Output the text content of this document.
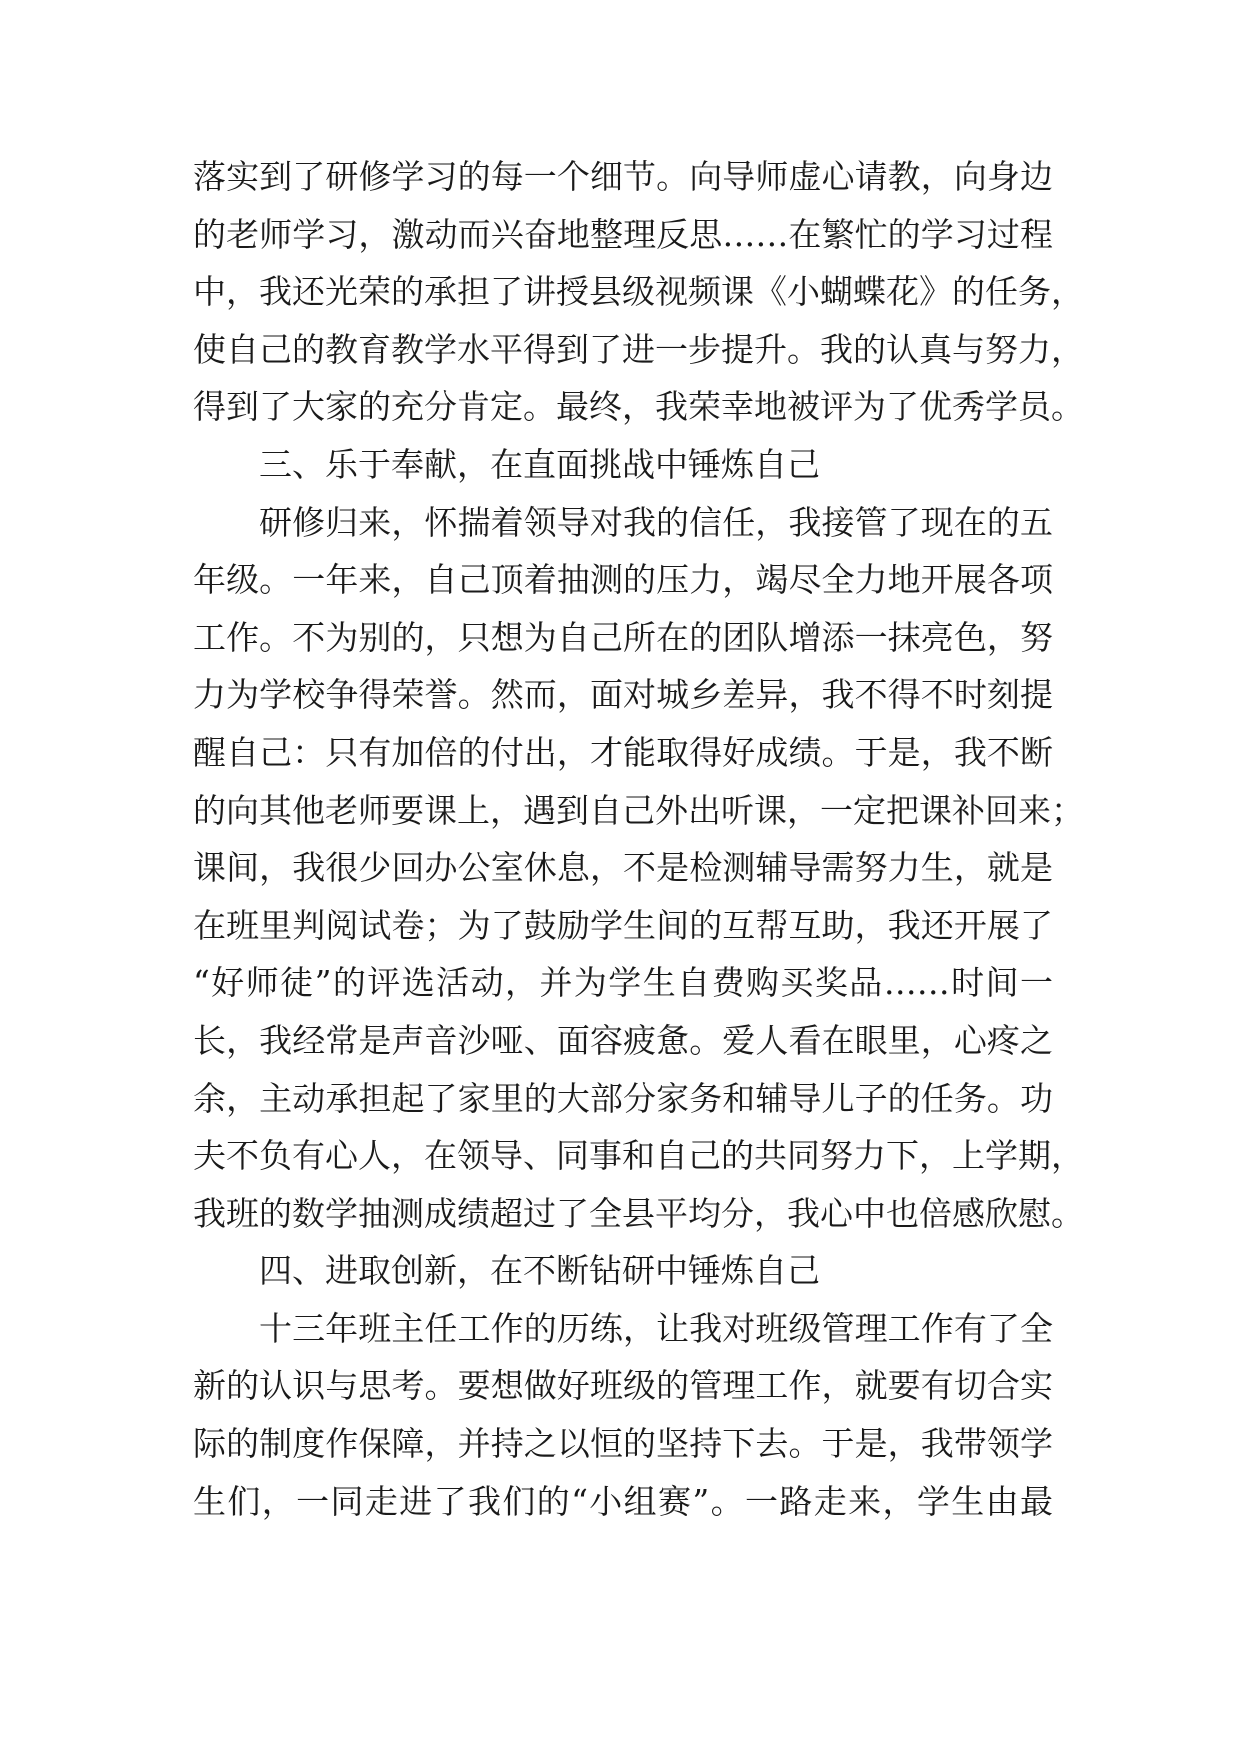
落实到了研修学习的每一个细节。向导师虚心请教，向身边
的老师学习，激动而兴奋地整理反思……在繁忙的学习过程
中，我还光荣的承担了讲授县级视频课《小蝴蝶花》的任务，
使自己的教育教学水平得到了进一步提升。我的认真与努力，
得到了大家的充分肯定。最终，我荣幸地被评为了优秀学员。
三、乐于奉献，在直面挑战中锤炼自己
研修归来，怀揣着领导对我的信任，我接管了现在的五
年级。一年来，自己顶着抽测的压力，竭尽全力地开展各项
工作。不为别的，只想为自己所在的团队增添一抹亮色，努
力为学校争得荣誉。然而，面对城乡差异，我不得不时刻提
醒自己：只有加倍的付出，才能取得好成绩。于是，我不断
的向其他老师要课上，遇到自己外出听课，一定把课补回来；
课间，我很少回办公室休息，不是检测辅导需努力生，就是
在班里判阅试卷；为了鼓励学生间的互帮互助，我还开展了
“好师徒”的评选活动，并为学生自费购买奖品……时间一
长，我经常是声音沙哑、面容疲惫。爱人看在眼里，心疼之
余，主动承担起了家里的大部分家务和辅导儿子的任务。功
夫不负有心人，在领导、同事和自己的共同努力下，上学期，
我班的数学抽测成绩超过了全县平均分，我心中也倍感欣慰。
四、进取创新，在不断钻研中锤炼自己
十三年班主任工作的历练，让我对班级管理工作有了全
新的认识与思考。要想做好班级的管理工作，就要有切合实
际的制度作保障，并持之以恒的坚持下去。于是，我带领学
生们，一同走进了我们的“小组赛”。一路走来，学生由最
